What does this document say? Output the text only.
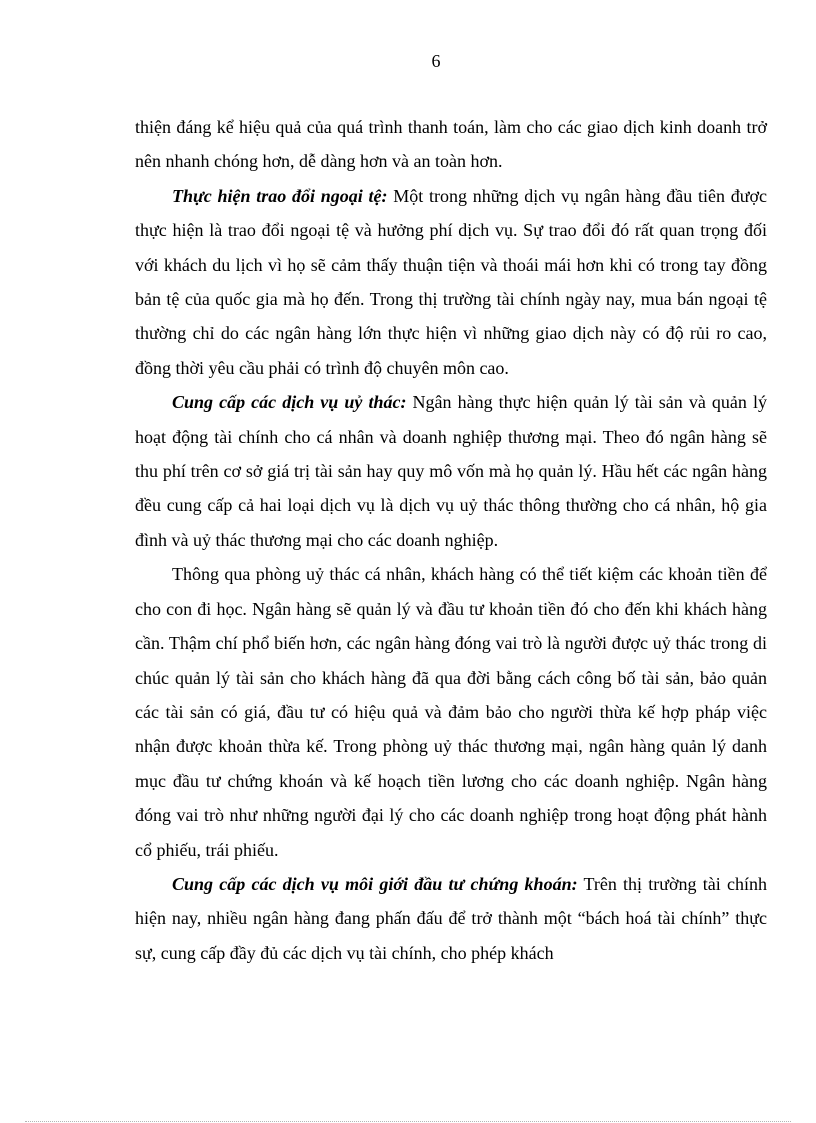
6

thiện đáng kể hiệu quả của quá trình thanh toán, làm cho các giao dịch kinh doanh trở nên nhanh chóng hơn, dễ dàng hơn và an toàn hơn.

Thực hiện trao đổi ngoại tệ: Một trong những dịch vụ ngân hàng đầu tiên được thực hiện là trao đổi ngoại tệ và hưởng phí dịch vụ. Sự trao đổi đó rất quan trọng đối với khách du lịch vì họ sẽ cảm thấy thuận tiện và thoái mái hơn khi có trong tay đồng bản tệ của quốc gia mà họ đến. Trong thị trường tài chính ngày nay, mua bán ngoại tệ thường chỉ do các ngân hàng lớn thực hiện vì những giao dịch này có độ rủi ro cao, đồng thời yêu cầu phải có trình độ chuyên môn cao.

Cung cấp các dịch vụ uỷ thác: Ngân hàng thực hiện quản lý tài sản và quản lý hoạt động tài chính cho cá nhân và doanh nghiệp thương mại. Theo đó ngân hàng sẽ thu phí trên cơ sở giá trị tài sản hay quy mô vốn mà họ quản lý. Hầu hết các ngân hàng đều cung cấp cả hai loại dịch vụ là dịch vụ uỷ thác thông thường cho cá nhân, hộ gia đình và uỷ thác thương mại cho các doanh nghiệp.

Thông qua phòng uỷ thác cá nhân, khách hàng có thể tiết kiệm các khoản tiền để cho con đi học. Ngân hàng sẽ quản lý và đầu tư khoản tiền đó cho đến khi khách hàng cần. Thậm chí phổ biến hơn, các ngân hàng đóng vai trò là người được uỷ thác trong di chúc quản lý tài sản cho khách hàng đã qua đời bằng cách công bố tài sản, bảo quản các tài sản có giá, đầu tư có hiệu quả và đảm bảo cho người thừa kế hợp pháp việc nhận được khoản thừa kế. Trong phòng uỷ thác thương mại, ngân hàng quản lý danh mục đầu tư chứng khoán và kế hoạch tiền lương cho các doanh nghiệp. Ngân hàng đóng vai trò như những người đại lý cho các doanh nghiệp trong hoạt động phát hành cổ phiếu, trái phiếu.

Cung cấp các dịch vụ môi giới đầu tư chứng khoán: Trên thị trường tài chính hiện nay, nhiều ngân hàng đang phấn đấu để trở thành một “bách hoá tài chính” thực sự, cung cấp đầy đủ các dịch vụ tài chính, cho phép khách
